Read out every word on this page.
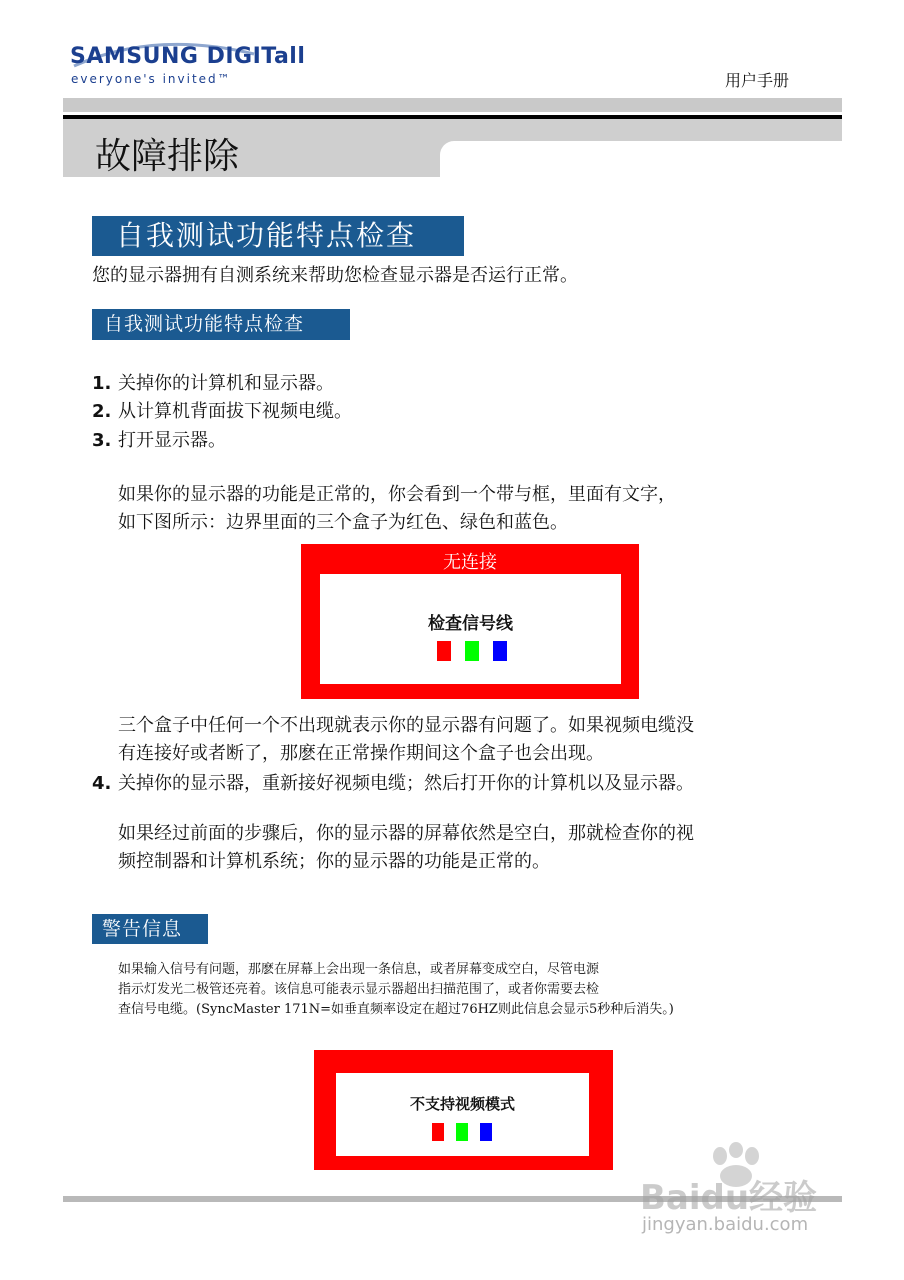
SAMSUNG DIGITall
everyone's invited™	用户手册
故障排除
自我测试功能特点检查
您的显示器拥有自测系统来帮助您检查显示器是否运行正常。
自我测试功能特点检查
1. 关掉你的计算机和显示器。
2. 从计算机背面拔下视频电缆。
3. 打开显示器。
如果你的显示器的功能是正常的，你会看到一个带与框，里面有文字，
如下图所示：边界里面的三个盒子为红色、绿色和蓝色。
无连接
检查信号线
三个盒子中任何一个不出现就表示你的显示器有问题了。如果视频电缆没
有连接好或者断了，那麽在正常操作期间这个盒子也会出现。
4. 关掉你的显示器，重新接好视频电缆；然后打开你的计算机以及显示器。
如果经过前面的步骤后，你的显示器的屏幕依然是空白，那就检查你的视
频控制器和计算机系统；你的显示器的功能是正常的。
警告信息
如果输入信号有问题，那麽在屏幕上会出现一条信息，或者屏幕变成空白，尽管电源
指示灯发光二极管还亮着。该信息可能表示显示器超出扫描范围了，或者你需要去检
查信号电缆。(SyncMaster 171N=如垂直频率设定在超过76HZ则此信息会显示5秒种后消失。)
不支持视频模式
Baidu经验
jingyan.baidu.com
